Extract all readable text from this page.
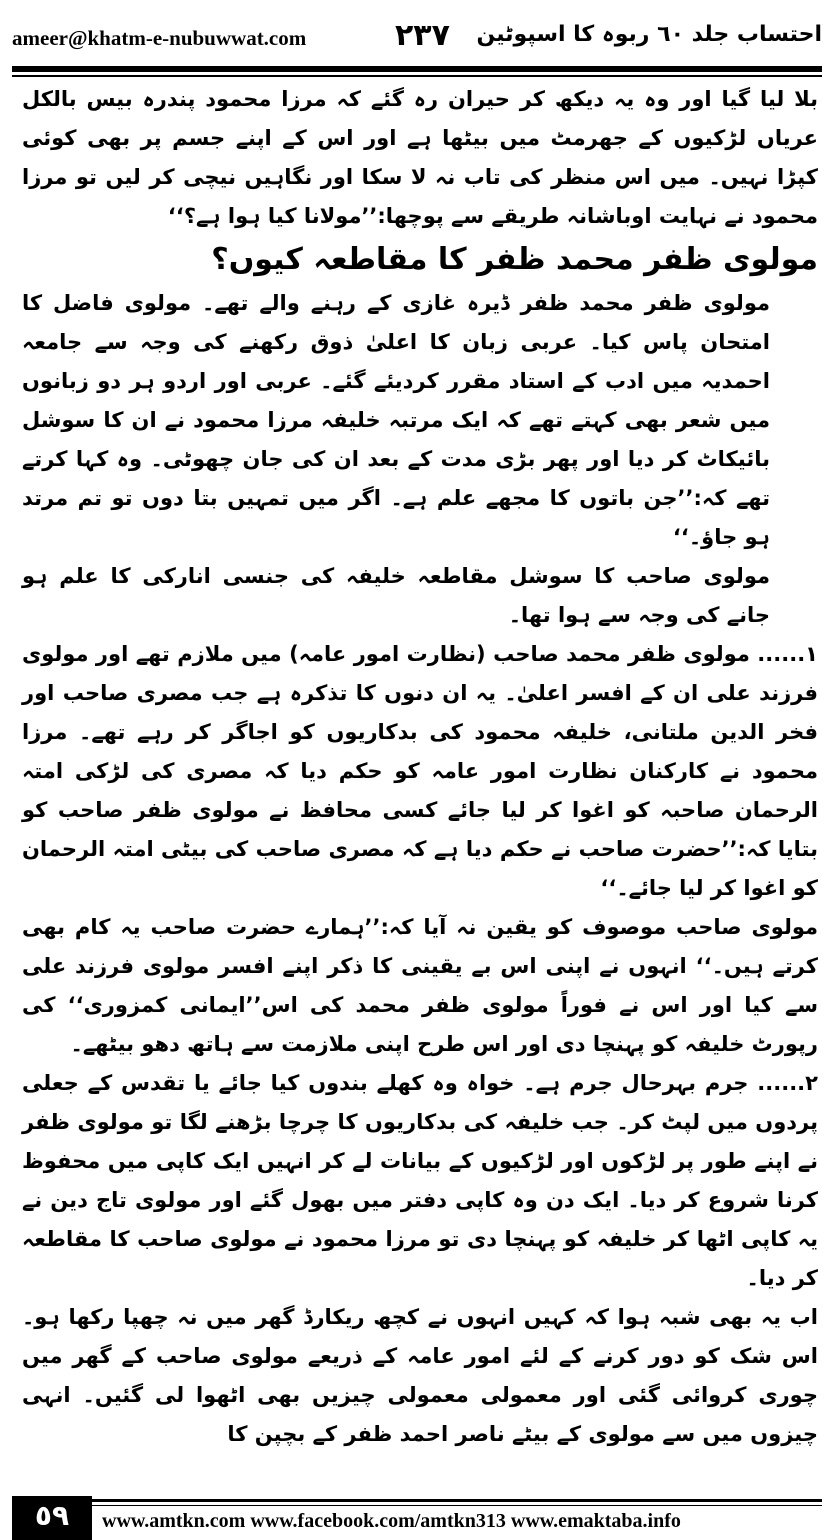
ameer@khatm-e-nubuwwat.com	٢٣٧ احتساب جلد ٦٠ ربوہ کا اسپوٹین

بلا لیا گیا اور وہ یہ دیکھ کر حیران رہ گئے کہ مرزا محمود پندرہ بیس بالکل عریاں لڑکیوں کے جھرمٹ میں بیٹھا ہے اور اس کے اپنے جسم پر بھی کوئی کپڑا نہیں۔ میں اس منظر کی تاب نہ لا سکا اور نگاہیں نیچی کر لیں تو مرزا محمود نے نہایت اوباشانہ طریقے سے پوچھا:’’مولانا کیا ہوا ہے؟‘‘

مولوی ظفر محمد ظفر کا مقاطعہ کیوں؟

مولوی ظفر محمد ظفر ڈیرہ غازی کے رہنے والے تھے۔ مولوی فاضل کا امتحان پاس کیا۔ عربی زبان کا اعلیٰ ذوق رکھنے کی وجہ سے جامعہ احمدیہ میں ادب کے استاد مقرر کردیئے گئے۔ عربی اور اردو ہر دو زبانوں میں شعر بھی کہتے تھے کہ ایک مرتبہ خلیفہ مرزا محمود نے ان کا سوشل بائیکاٹ کر دیا اور پھر بڑی مدت کے بعد ان کی جان چھوٹی۔ وہ کہا کرتے تھے کہ:’’جن باتوں کا مجھے علم ہے۔ اگر میں تمہیں بتا دوں تو تم مرتد ہو جاؤ۔‘‘

مولوی صاحب کا سوشل مقاطعہ خلیفہ کی جنسی انارکی کا علم ہو جانے کی وجہ سے ہوا تھا۔

۱...... مولوی ظفر محمد صاحب (نظارت امور عامہ) میں ملازم تھے اور مولوی فرزند علی ان کے افسر اعلیٰ۔ یہ ان دنوں کا تذکرہ ہے جب مصری صاحب اور فخر الدین ملتانی، خلیفہ محمود کی بدکاریوں کو اجاگر کر رہے تھے۔ مرزا محمود نے کارکنان نظارت امور عامہ کو حکم دیا کہ مصری کی لڑکی امتہ الرحمان صاحبہ کو اغوا کر لیا جائے کسی محافظ نے مولوی ظفر صاحب کو بتایا کہ:’’حضرت صاحب نے حکم دیا ہے کہ مصری صاحب کی بیٹی امتہ الرحمان کو اغوا کر لیا جائے۔‘‘

مولوی صاحب موصوف کو یقین نہ آیا کہ:’’ہمارے حضرت صاحب یہ کام بھی کرتے ہیں۔‘‘ انہوں نے اپنی اس بے یقینی کا ذکر اپنے افسر مولوی فرزند علی سے کیا اور اس نے فوراً مولوی ظفر محمد کی اس’’ایمانی کمزوری‘‘ کی رپورٹ خلیفہ کو پہنچا دی اور اس طرح اپنی ملازمت سے ہاتھ دھو بیٹھے۔

۲...... جرم بہرحال جرم ہے۔ خواہ وہ کھلے بندوں کیا جائے یا تقدس کے جعلی پردوں میں لپٹ کر۔ جب خلیفہ کی بدکاریوں کا چرچا بڑھنے لگا تو مولوی ظفر نے اپنے طور پر لڑکوں اور لڑکیوں کے بیانات لے کر انہیں ایک کاپی میں محفوظ کرنا شروع کر دیا۔ ایک دن وہ کاپی دفتر میں بھول گئے اور مولوی تاج دین نے یہ کاپی اٹھا کر خلیفہ کو پہنچا دی تو مرزا محمود نے مولوی صاحب کا مقاطعہ کر دیا۔

اب یہ بھی شبہ ہوا کہ کہیں انہوں نے کچھ ریکارڈ گھر میں نہ چھپا رکھا ہو۔ اس شک کو دور کرنے کے لئے امور عامہ کے ذریعے مولوی صاحب کے گھر میں چوری کروائی گئی اور معمولی معمولی چیزیں بھی اٹھوا لی گئیں۔ انہی چیزوں میں سے مولوی کے بیٹے ناصر احمد ظفر کے بچپن کا

٥٩	www.amtkn.com www.facebook.com/amtkn313 www.emaktaba.info
